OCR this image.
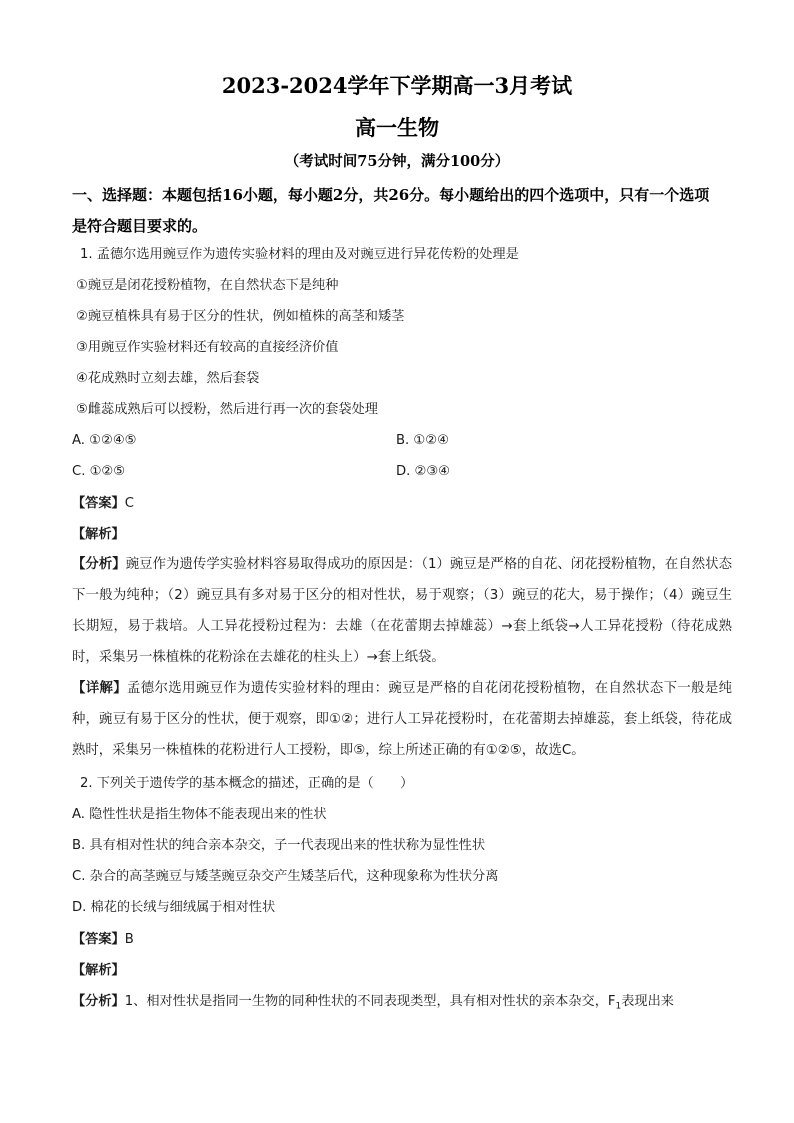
2023-2024学年下学期高一3月考试
高一生物
（考试时间75分钟，满分100分）
一、选择题：本题包括16小题，每小题2分，共26分。每小题给出的四个选项中，只有一个选项是符合题目要求的。
1. 孟德尔选用豌豆作为遗传实验材料的理由及对豌豆进行异花传粉的处理是
①豌豆是闭花授粉植物，在自然状态下是纯种
②豌豆植株具有易于区分的性状，例如植株的高茎和矮茎
③用豌豆作实验材料还有较高的直接经济价值
④花成熟时立刻去雄，然后套袋
⑤雌蕊成熟后可以授粉，然后进行再一次的套袋处理
A. ①②④⑤	B. ①②④
C. ①②⑤	D. ②③④
【答案】C
【解析】
【分析】豌豆作为遗传学实验材料容易取得成功的原因是：（1）豌豆是严格的自花、闭花授粉植物，在自然状态下一般为纯种；（2）豌豆具有多对易于区分的相对性状，易于观察；（3）豌豆的花大，易于操作；（4）豌豆生长期短，易于栽培。人工异花授粉过程为：去雄（在花蕾期去掉雄蕊）→套上纸袋→人工异花授粉（待花成熟时，采集另一株植株的花粉涂在去雄花的柱头上）→套上纸袋。
【详解】孟德尔选用豌豆作为遗传实验材料的理由：豌豆是严格的自花闭花授粉植物，在自然状态下一般是纯种，豌豆有易于区分的性状，便于观察，即①②；进行人工异花授粉时，在花蕾期去掉雄蕊，套上纸袋，待花成熟时，采集另一株植株的花粉进行人工授粉，即⑤，综上所述正确的有①②⑤，故选C。
2. 下列关于遗传学的基本概念的描述，正确的是（　　）
A. 隐性性状是指生物体不能表现出来的性状
B. 具有相对性状的纯合亲本杂交，子一代表现出来的性状称为显性性状
C. 杂合的高茎豌豆与矮茎豌豆杂交产生矮茎后代，这种现象称为性状分离
D. 棉花的长绒与细绒属于相对性状
【答案】B
【解析】
【分析】1、相对性状是指同一生物的同种性状的不同表现类型，具有相对性状的亲本杂交，$F_1$表现出来
